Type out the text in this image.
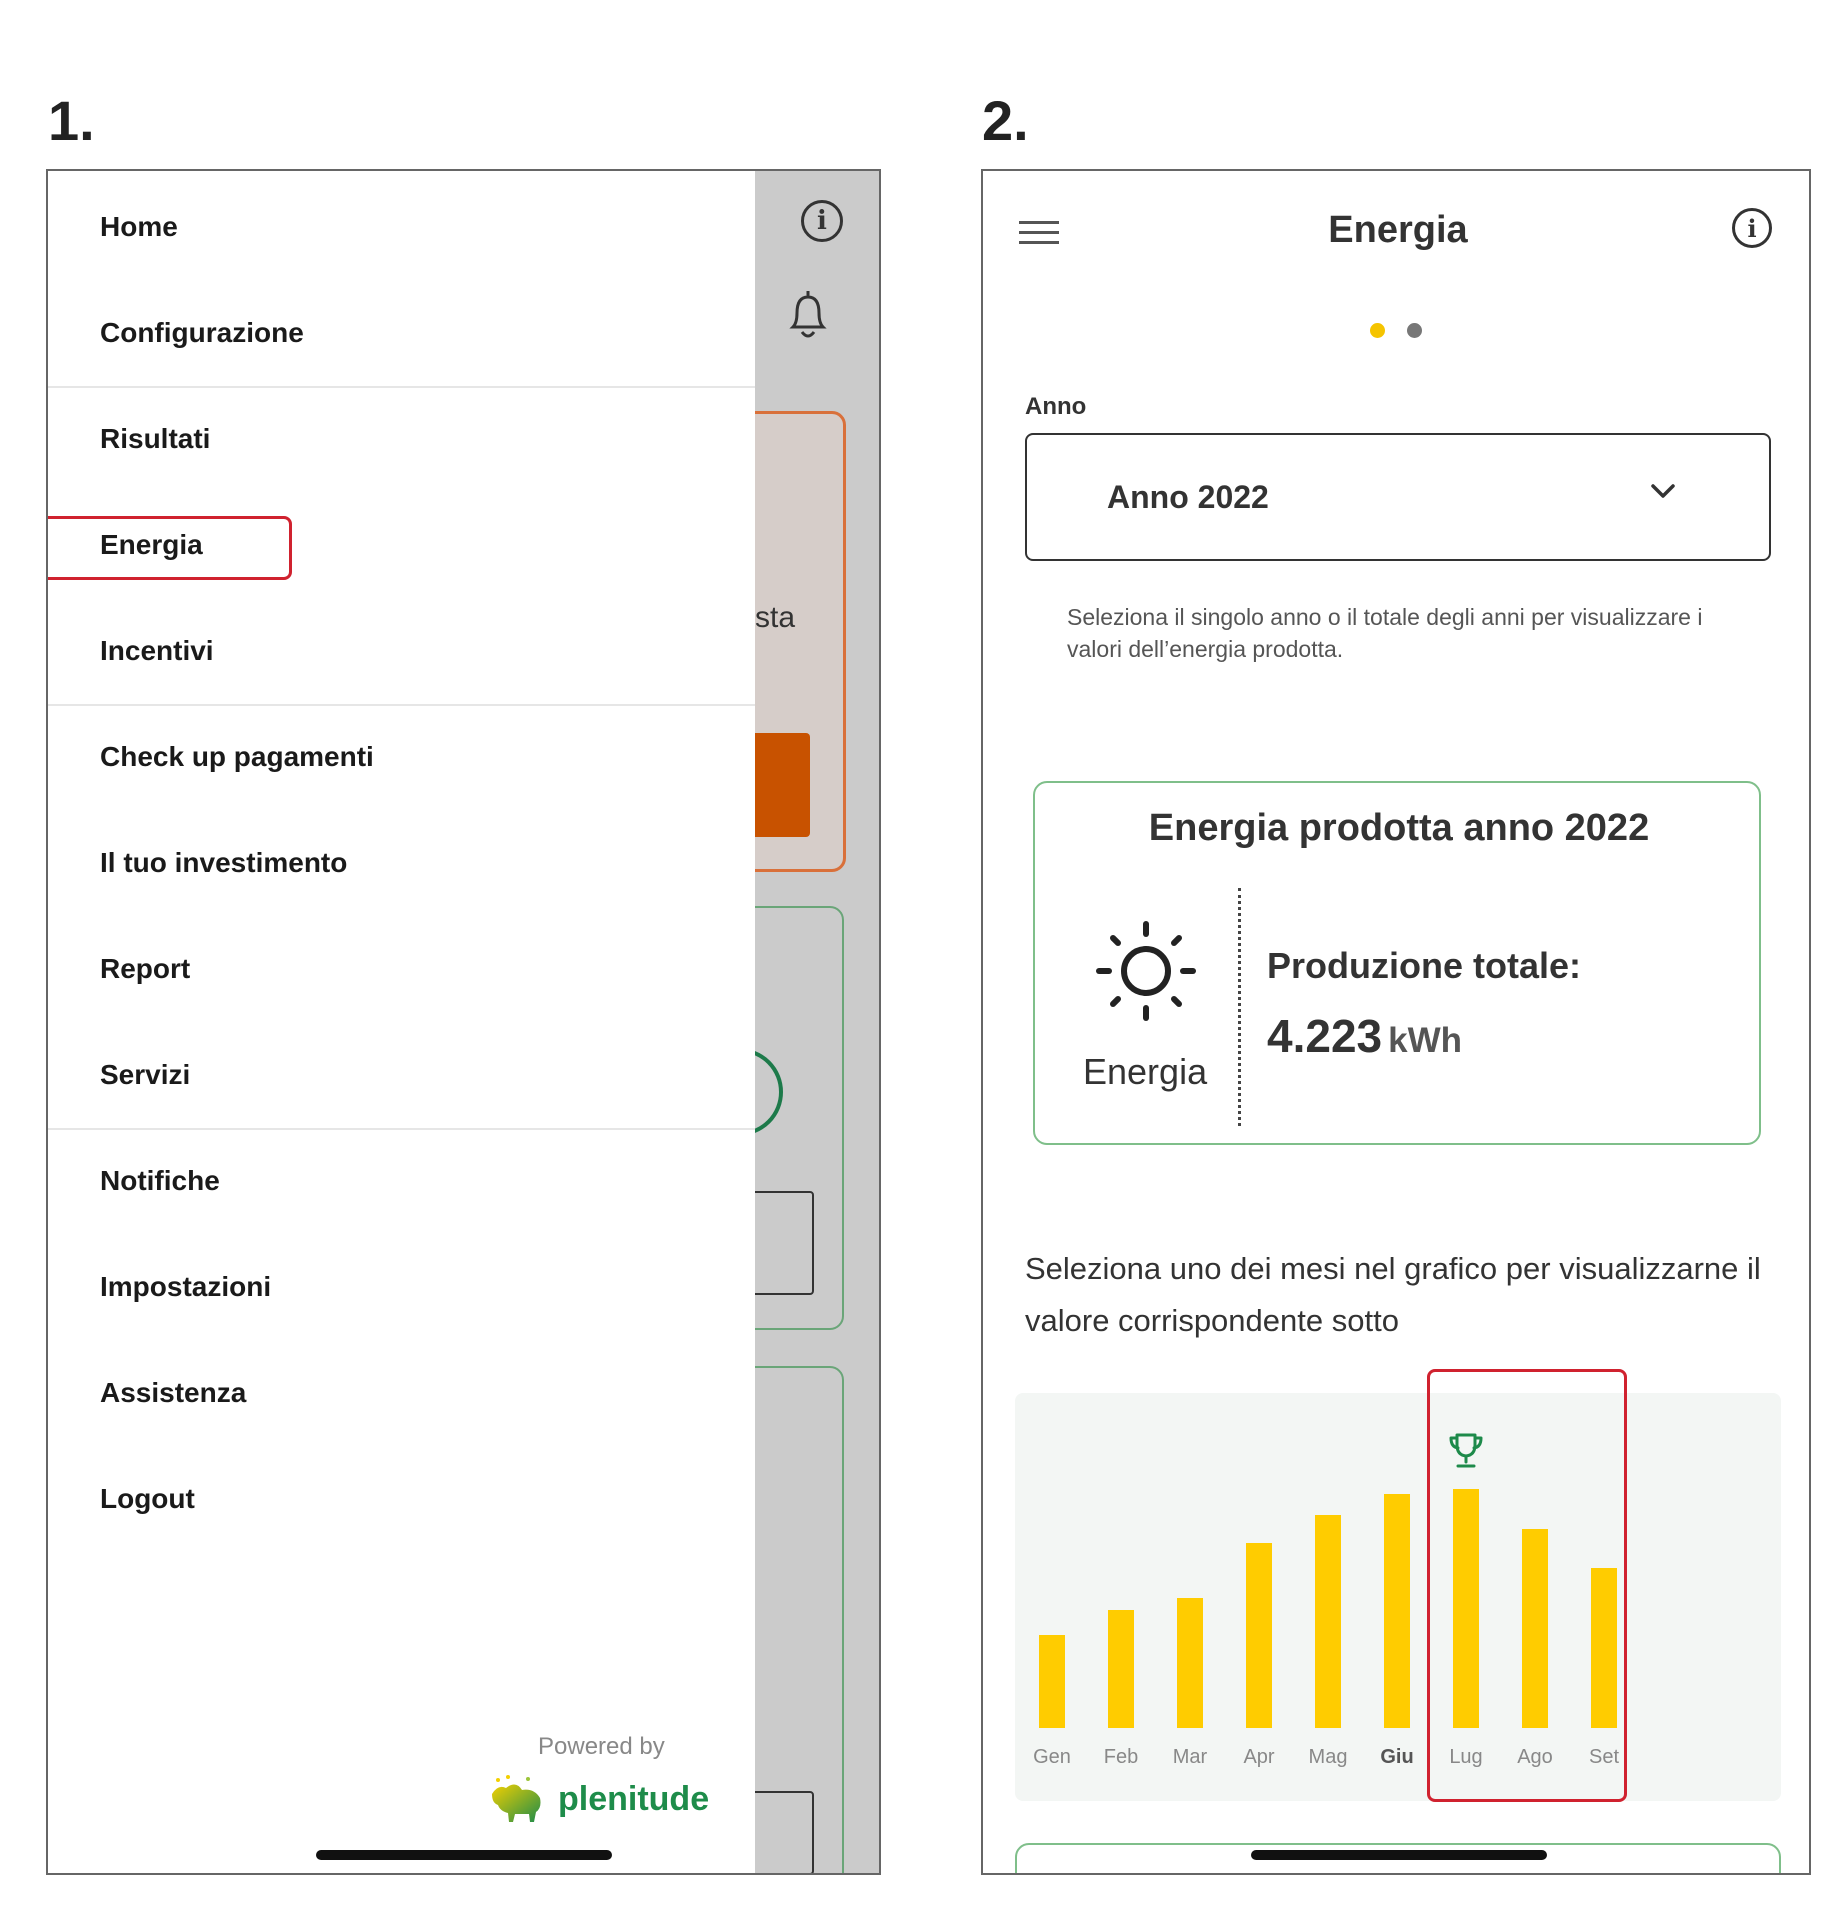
1.	2.
i
sta
Home
Configurazione
Risultati
Energia
Incentivi
Check up pagamenti
Il tuo investimento
Report
Servizi
Notifiche
Impostazioni
Assistenza
Logout
Powered by
plenitude
Energia	i
Anno
Anno 2022
Seleziona il singolo anno o il totale degli anni per visualizzare i valori dell’energia prodotta.
Energia prodotta anno 2022
Energia
Produzione totale:
4.223 kWh
Seleziona uno dei mesi nel grafico per visualizzarne il valore corrispondente sotto
Gen	Feb	Mar	Apr	Mag	Giu	Lug	Ago	Set
